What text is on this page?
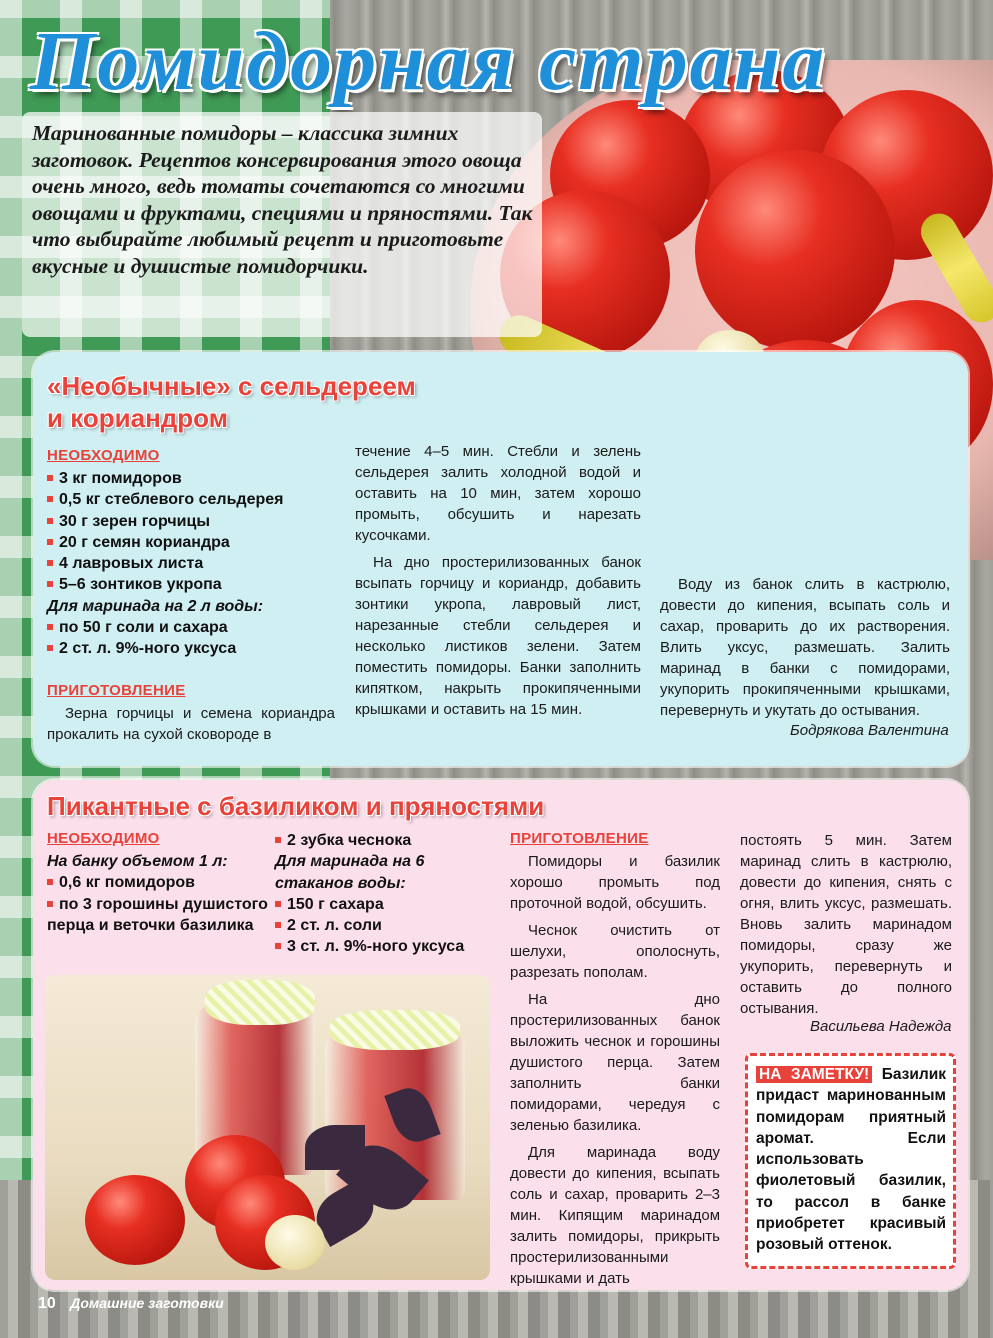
Помидорная страна
Маринованные помидоры – классика зимних заготовок. Рецептов консервирования этого овоща очень много, ведь томаты сочетаются со многими овощами и фруктами, специями и пряностями. Так что выбирайте любимый рецепт и приготовьте вкусные и душистые помидорчики.
«Необычные» с сельдереем
и кориандром
НЕОБХОДИМО
3 кг помидоров
0,5 кг стеблевого сельдерея
30 г зерен горчицы
20 г семян кориандра
4 лавровых листа
5–6 зонтиков укропа
Для маринада на 2 л воды:
по 50 г соли и сахара
2 ст. л. 9%-ного уксуса
ПРИГОТОВЛЕНИЕ

Зерна горчицы и семена кориандра прокалить на сухой сковороде в

течение 4–5 мин. Стебли и зелень сельдерея залить холодной водой и оставить на 10 мин, затем хорошо промыть, обсушить и нарезать кусочками.

На дно простерилизованных банок всыпать горчицу и кориандр, добавить зонтики укропа, лавровый лист, нарезанные стебли сельдерея и несколько листиков зелени. Затем поместить помидоры. Банки заполнить кипятком, накрыть прокипяченными крышками и оставить на 15 мин.

Воду из банок слить в кастрюлю, довести до кипения, всыпать соль и сахар, проварить до их растворения. Влить уксус, размешать. Залить маринад в банки с помидорами, укупорить прокипяченными крышками, перевернуть и укутать до остывания.

Бодрякова Валентина
Пикантные с базиликом и пряностями
НЕОБХОДИМО
На банку объемом 1 л:
0,6 кг помидоров
по 3 горошины душистого перца и веточки базилика
2 зубка чеснока
Для маринада на 6 стаканов воды:
150 г сахара
2 ст. л. соли
3 ст. л. 9%-ного уксуса
ПРИГОТОВЛЕНИЕ

Помидоры и базилик хорошо промыть под проточной водой, обсушить.

Чеснок очистить от шелухи, ополоснуть, разрезать пополам.

На дно простерилизованных банок выложить чеснок и горошины душистого перца. Затем заполнить банки помидорами, чередуя с зеленью базилика.

Для маринада воду довести до кипения, всыпать соль и сахар, проварить 2–3 мин. Кипящим маринадом залить помидоры, прикрыть простерилизованными крышками и дать

постоять 5 мин. Затем маринад слить в кастрюлю, довести до кипения, снять с огня, влить уксус, размешать. Вновь залить маринадом помидоры, сразу же укупорить, перевернуть и оставить до полного остывания.

Васильева Надежда
НА ЗАМЕТКУ! Базилик придаст маринованным помидорам приятный аромат. Если использовать фиолетовый базилик, то рассол в банке приобретет красивый розовый оттенок.
10 Домашние заготовки
